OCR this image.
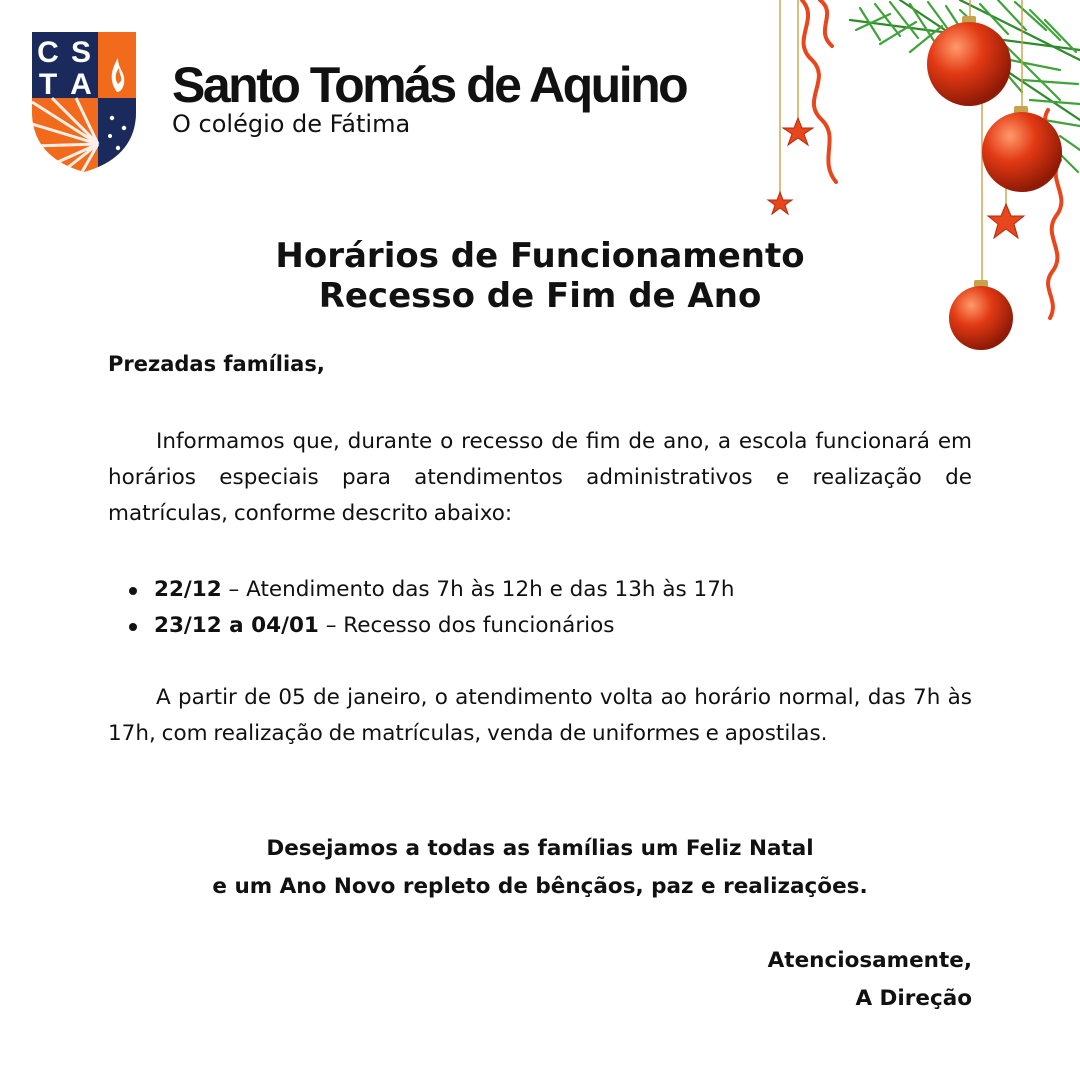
C S
T A Santo Tomás de Aquino
O colégio de Fátima
Horários de Funcionamento
Recesso de Fim de Ano
Prezadas famílias,
Informamos que, durante o recesso de fim de ano, a escola funcionará em horários especiais para atendimentos administrativos e realização de matrículas, conforme descrito abaixo:
22/12 – Atendimento das 7h às 12h e das 13h às 17h
23/12 a 04/01 – Recesso dos funcionários
A partir de 05 de janeiro, o atendimento volta ao horário normal, das 7h às 17h, com realização de matrículas, venda de uniformes e apostilas.
Desejamos a todas as famílias um Feliz Natal
e um Ano Novo repleto de bênçãos, paz e realizações.
Atenciosamente,
A Direção
